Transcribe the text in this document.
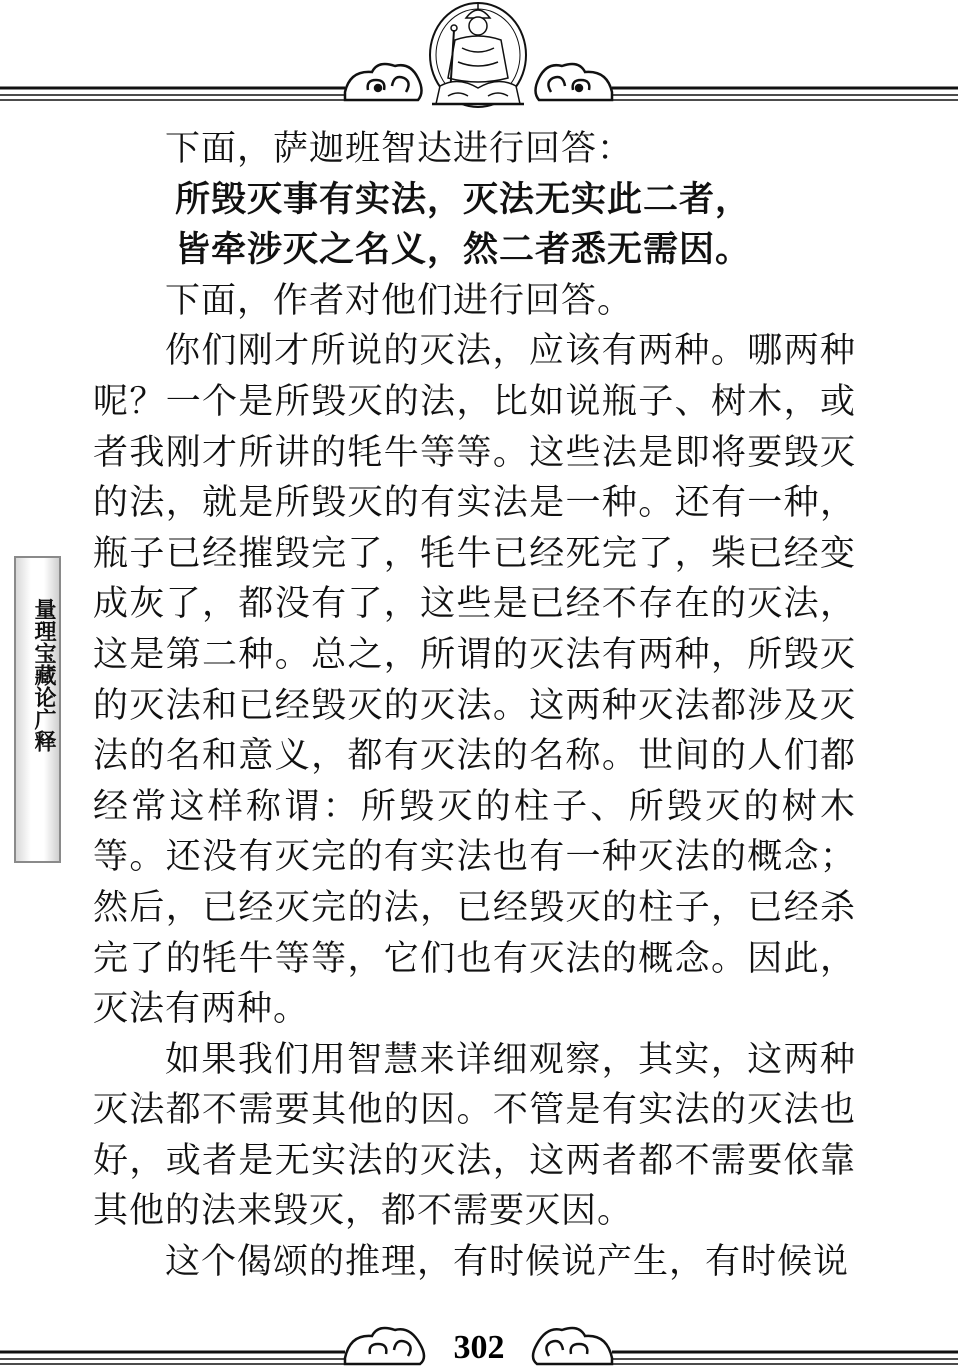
量理宝藏论广释

下面，萨迦班智达进行回答：

所毁灭事有实法，灭法无实此二者，

皆牵涉灭之名义，然二者悉无需因。

下面，作者对他们进行回答。

你们刚才所说的灭法，应该有两种。哪两种呢？一个是所毁灭的法，比如说瓶子、树木，或者我刚才所讲的牦牛等等。这些法是即将要毁灭的法，就是所毁灭的有实法是一种。还有一种，瓶子已经摧毁完了，牦牛已经死完了，柴已经变成灰了，都没有了，这些是已经不存在的灭法，这是第二种。总之，所谓的灭法有两种，所毁灭的灭法和已经毁灭的灭法。这两种灭法都涉及灭法的名和意义，都有灭法的名称。世间的人们都经常这样称谓：所毁灭的柱子、所毁灭的树木等。还没有灭完的有实法也有一种灭法的概念；然后，已经灭完的法，已经毁灭的柱子，已经杀完了的牦牛等等，它们也有灭法的概念。因此，灭法有两种。

如果我们用智慧来详细观察，其实，这两种灭法都不需要其他的因。不管是有实法的灭法也好，或者是无实法的灭法，这两者都不需要依靠其他的法来毁灭，都不需要灭因。

这个偈颂的推理，有时候说产生，有时候说

302
